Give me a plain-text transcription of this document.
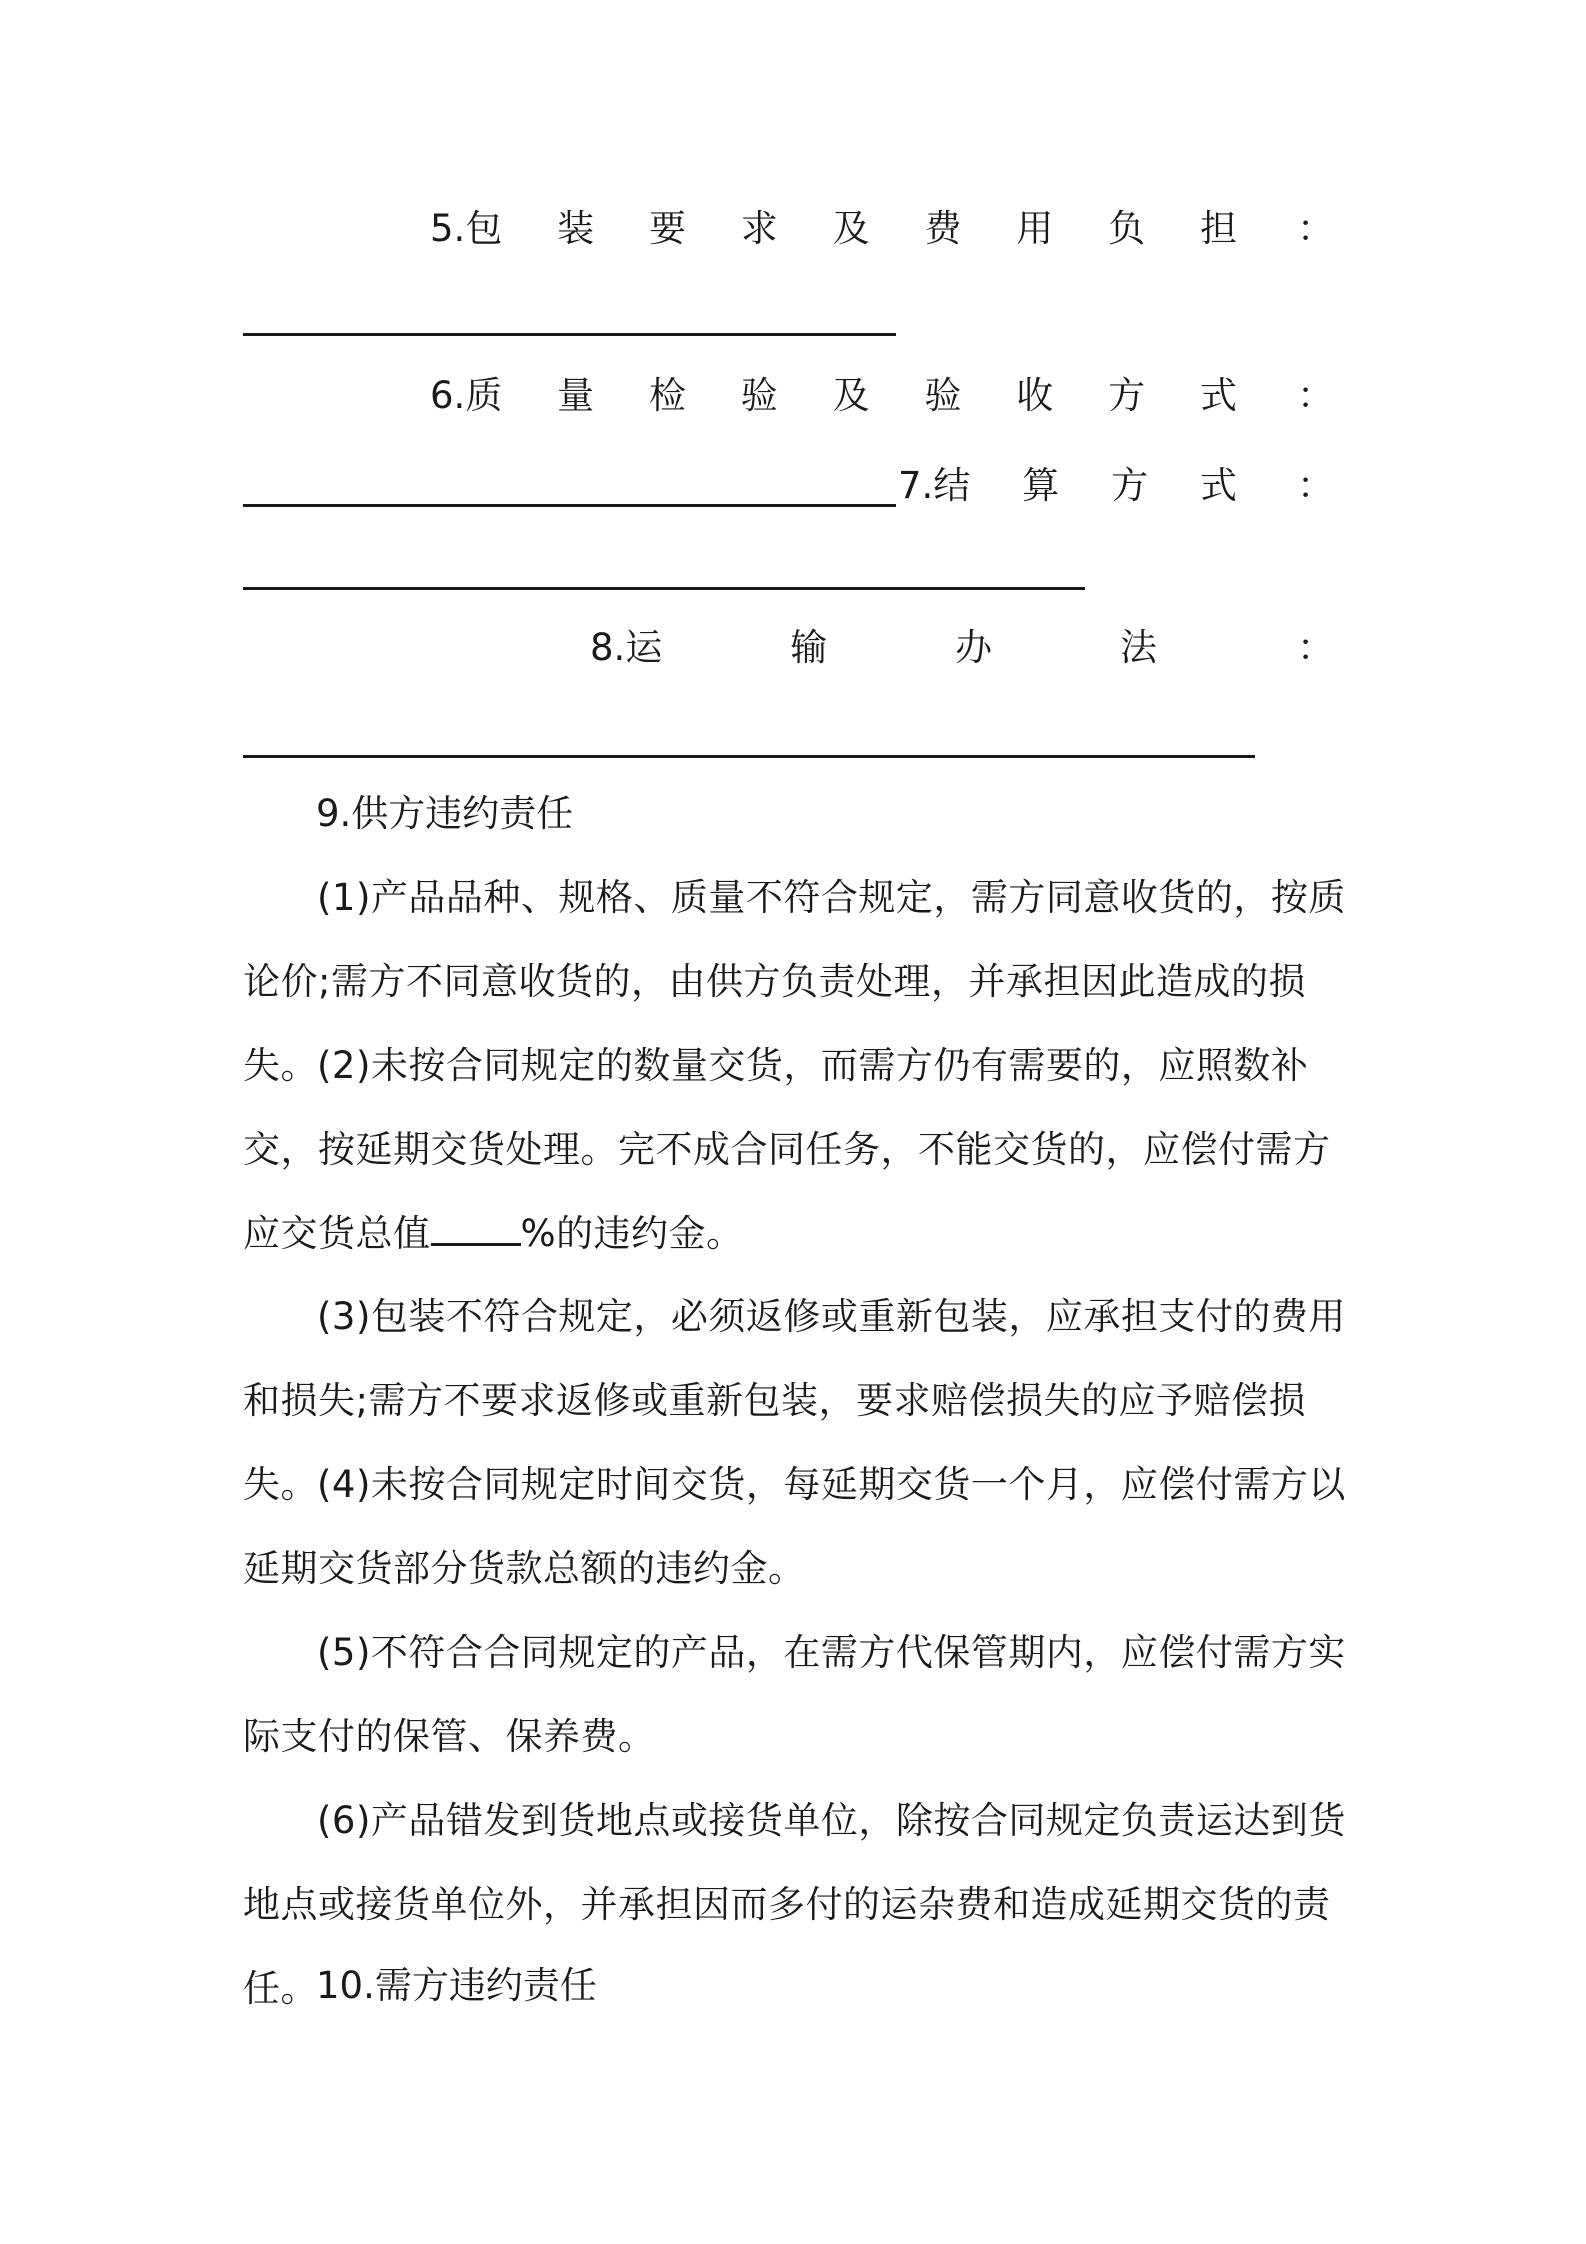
5. 包 装 要 求 及 费 用 负 担 ：
6. 质 量 检 验 及 验 收 方 式 ：
7. 结 算 方 式 ：
8. 运	输	办	法	：
9.供方违约责任

(1)产品品种、规格、质量不符合规定，需方同意收货的，按质论价;需方不同意收货的，由供方负责处理，并承担因此造成的损失。 (2)未按合同规定的数量交货，而需方仍有需要的，应照数补交，按延期交货处理。完不成合同任务，不能交货的，应偿付需方应交货总值 %的违约金。

(3)包装不符合规定，必须返修或重新包装，应承担支付的费用和损失;需方不要求返修或重新包装，要求赔偿损失的应予赔偿损失。 (4)未按合同规定时间交货，每延期交货一个月，应偿付需方以延期交货部分货款总额的违约金。

(5)不符合合同规定的产品，在需方代保管期内，应偿付需方实际支付的保管、保养费。

(6)产品错发到货地点或接货单位，除按合同规定负责运达到货地点或接货单位外，并承担因而多付的运杂费和造成延期交货的责任。

10.需方违约责任
